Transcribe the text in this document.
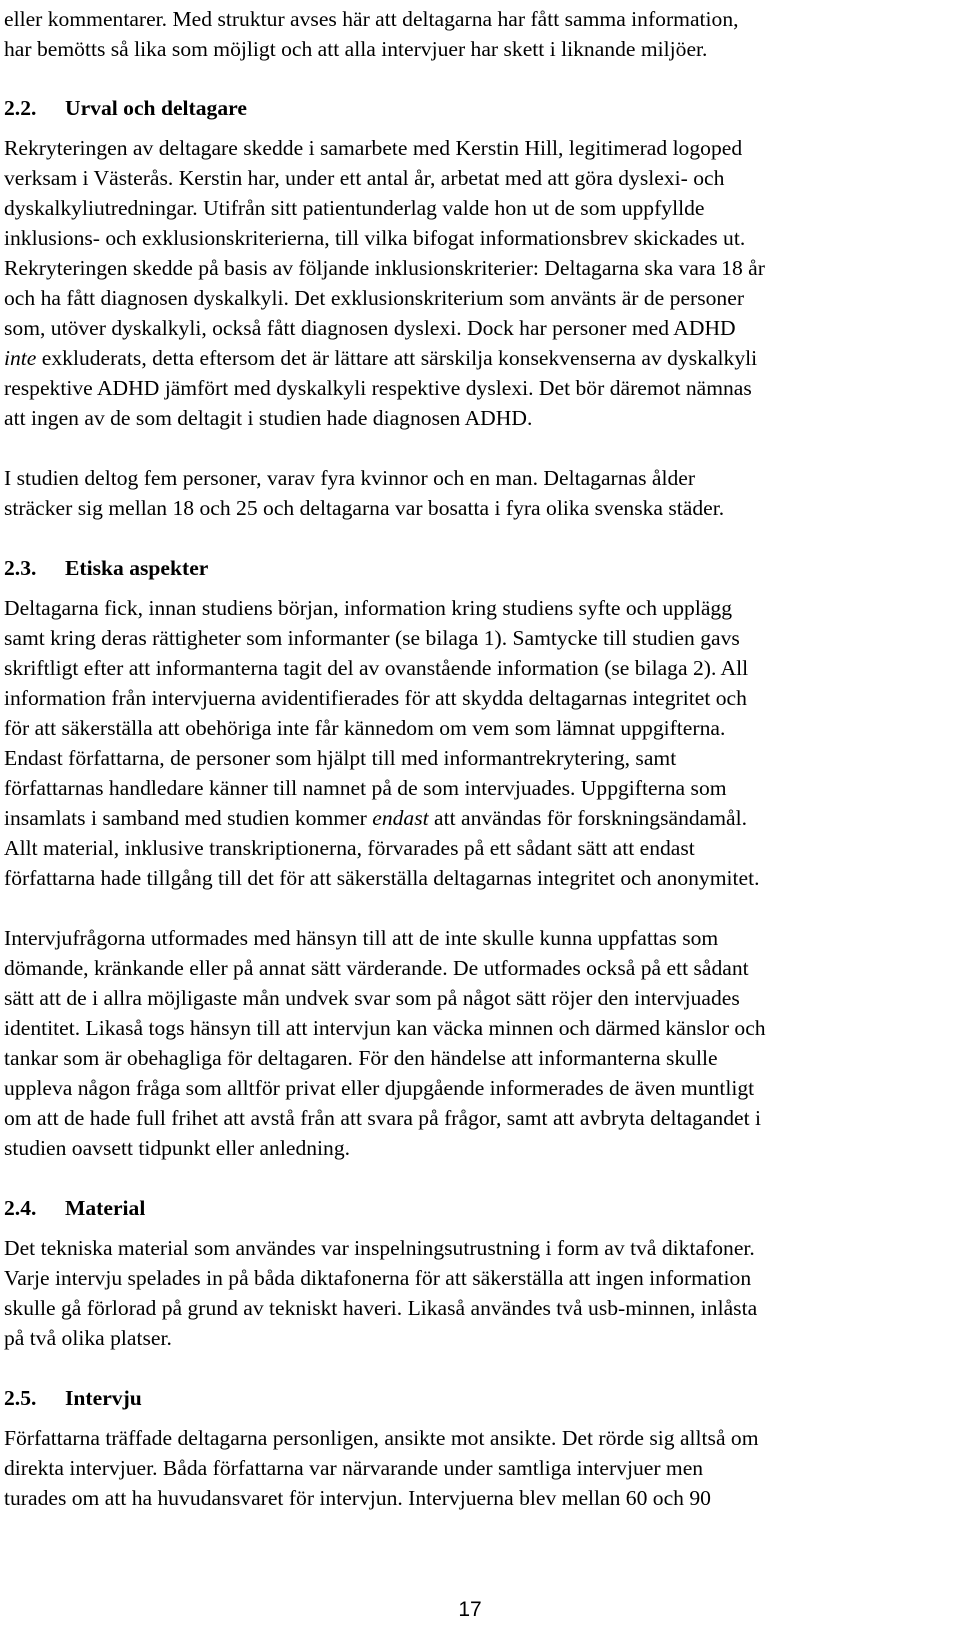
eller kommentarer. Med struktur avses här att deltagarna har fått samma information,
har bemötts så lika som möjligt och att alla intervjuer har skett i liknande miljöer.
2.2. Urval och deltagare
Rekryteringen av deltagare skedde i samarbete med Kerstin Hill, legitimerad logoped
verksam i Västerås. Kerstin har, under ett antal år, arbetat med att göra dyslexi- och
dyskalkyliutredningar. Utifrån sitt patientunderlag valde hon ut de som uppfyllde
inklusions- och exklusionskriterierna, till vilka bifogat informationsbrev skickades ut.
Rekryteringen skedde på basis av följande inklusionskriterier: Deltagarna ska vara 18 år
och ha fått diagnosen dyskalkyli. Det exklusionskriterium som använts är de personer
som, utöver dyskalkyli, också fått diagnosen dyslexi. Dock har personer med ADHD
inte exkluderats, detta eftersom det är lättare att särskilja konsekvenserna av dyskalkyli
respektive ADHD jämfört med dyskalkyli respektive dyslexi. Det bör däremot nämnas
att ingen av de som deltagit i studien hade diagnosen ADHD.
I studien deltog fem personer, varav fyra kvinnor och en man. Deltagarnas ålder
sträcker sig mellan 18 och 25 och deltagarna var bosatta i fyra olika svenska städer.
2.3. Etiska aspekter
Deltagarna fick, innan studiens början, information kring studiens syfte och upplägg
samt kring deras rättigheter som informanter (se bilaga 1). Samtycke till studien gavs
skriftligt efter att informanterna tagit del av ovanstående information (se bilaga 2). All
information från intervjuerna avidentifierades för att skydda deltagarnas integritet och
för att säkerställa att obehöriga inte får kännedom om vem som lämnat uppgifterna.
Endast författarna, de personer som hjälpt till med informantrekrytering, samt
författarnas handledare känner till namnet på de som intervjuades. Uppgifterna som
insamlats i samband med studien kommer endast att användas för forskningsändamål.
Allt material, inklusive transkriptionerna, förvarades på ett sådant sätt att endast
författarna hade tillgång till det för att säkerställa deltagarnas integritet och anonymitet.
Intervjufrågorna utformades med hänsyn till att de inte skulle kunna uppfattas som
dömande, kränkande eller på annat sätt värderande. De utformades också på ett sådant
sätt att de i allra möjligaste mån undvek svar som på något sätt röjer den intervjuades
identitet. Likaså togs hänsyn till att intervjun kan väcka minnen och därmed känslor och
tankar som är obehagliga för deltagaren. För den händelse att informanterna skulle
uppleva någon fråga som alltför privat eller djupgående informerades de även muntligt
om att de hade full frihet att avstå från att svara på frågor, samt att avbryta deltagandet i
studien oavsett tidpunkt eller anledning.
2.4. Material
Det tekniska material som användes var inspelningsutrustning i form av två diktafoner.
Varje intervju spelades in på båda diktafonerna för att säkerställa att ingen information
skulle gå förlorad på grund av tekniskt haveri. Likaså användes två usb-minnen, inlåsta
på två olika platser.
2.5. Intervju
Författarna träffade deltagarna personligen, ansikte mot ansikte. Det rörde sig alltså om
direkta intervjuer. Båda författarna var närvarande under samtliga intervjuer men
turades om att ha huvudansvaret för intervjun. Intervjuerna blev mellan 60 och 90
17
